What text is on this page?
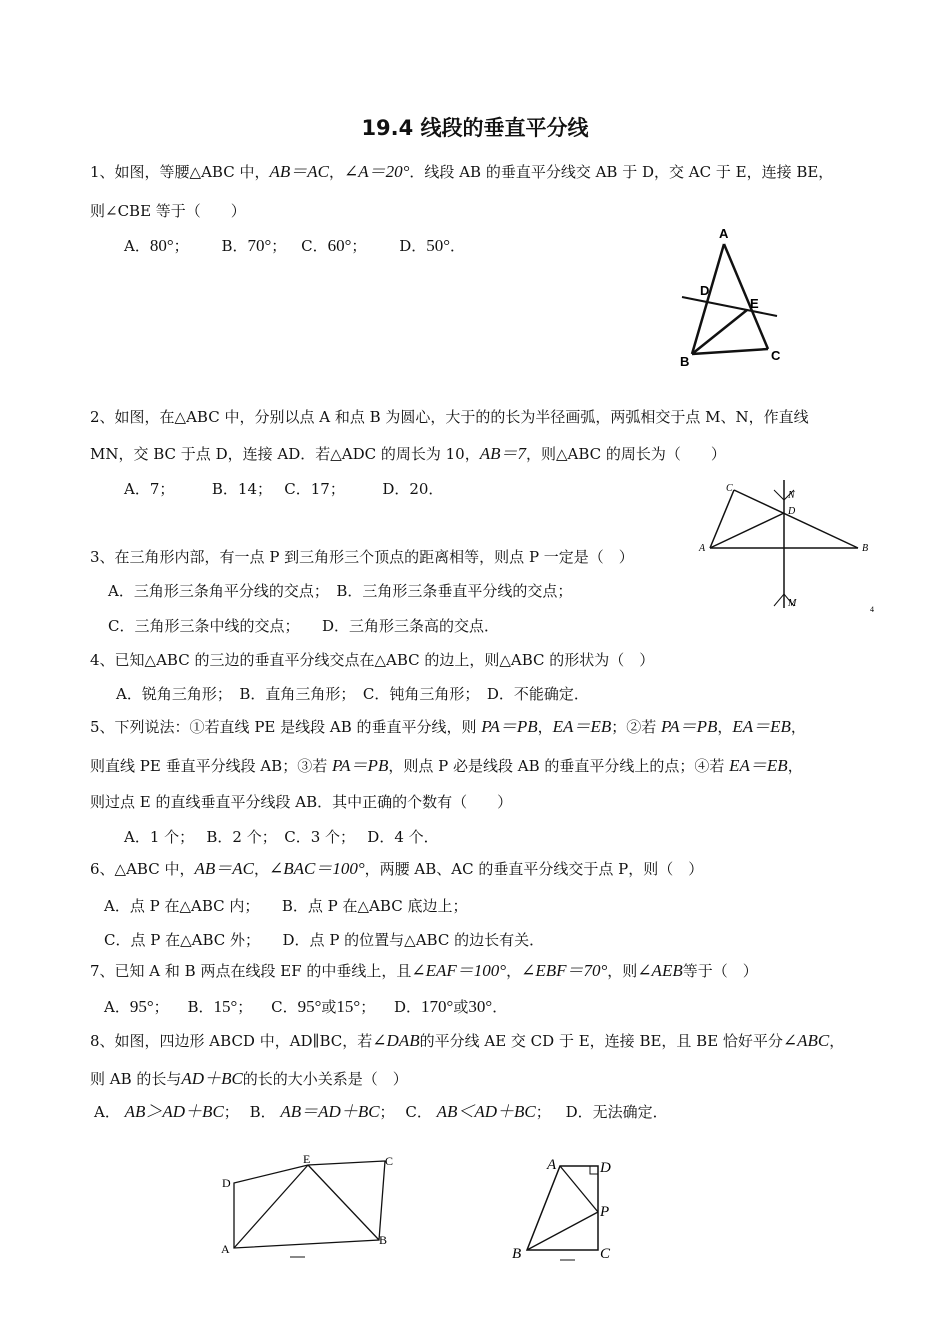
19.4 线段的垂直平分线
1、如图，等腰△ABC 中，AB＝AC，∠A＝20°．线段 AB 的垂直平分线交 AB 于 D，交 AC 于 E，连接 BE，
则∠CBE 等于（　　）
A．80°； B．70°； C．60°； D．50°．
A
B	C
D
E
2、如图，在△ABC 中，分别以点 A 和点 B 为圆心，大于的的长为半径画弧，两弧相交于点 M、N，作直线
MN，交 BC 于点 D，连接 AD．若△ADC 的周长为 10，AB＝7，则△ABC 的周长为（　　）
A．7；　　　B．14；　 C．17；　　　D．20．	C
A	B
N
D
M
4
3、在三角形内部，有一点 P 到三角形三个顶点的距离相等，则点 P 一定是（　）
A．三角形三条角平分线的交点；　B．三角形三条垂直平分线的交点；
C．三角形三条中线的交点；　　D．三角形三条高的交点．
4、已知△ABC 的三边的垂直平分线交点在△ABC 的边上，则△ABC 的形状为（　）
A．锐角三角形；　B．直角三角形；　C．钝角三角形；　D．不能确定．
5、下列说法：①若直线 PE 是线段 AB 的垂直平分线，则 PA＝PB，EA＝EB；②若 PA＝PB，EA＝EB，
则直线 PE 垂直平分线段 AB；③若 PA＝PB，则点 P 必是线段 AB 的垂直平分线上的点；④若 EA＝EB，
则过点 E 的直线垂直平分线段 AB．其中正确的个数有（　　）
A．1 个；　 B．2 个；　C．3 个；　 D．4 个．
6、△ABC 中，AB＝AC，∠BAC＝100°，两腰 AB、AC 的垂直平分线交于点 P，则（　）
A．点 P 在△ABC 内；　　B．点 P 在△ABC 底边上；
C．点 P 在△ABC 外；　　D．点 P 的位置与△ABC 的边长有关．
7、已知 A 和 B 两点在线段 EF 的中垂线上，且∠EAF＝100°，∠EBF＝70°，则∠AEB等于（　）
A．95°； B．15°； C．95°或15°； D．170°或30°．
8、如图，四边形 ABCD 中，AD∥BC，若∠DAB的平分线 AE 交 CD 于 E，连接 BE，且 BE 恰好平分∠ABC，
则 AB 的长与AD＋BC的长的大小关系是（　）
A． AB＞AD＋BC； B． AB＝AD＋BC； C． AB＜AD＋BC； D．无法确定．
D
E	C
A
B
A	D
P
B	C
